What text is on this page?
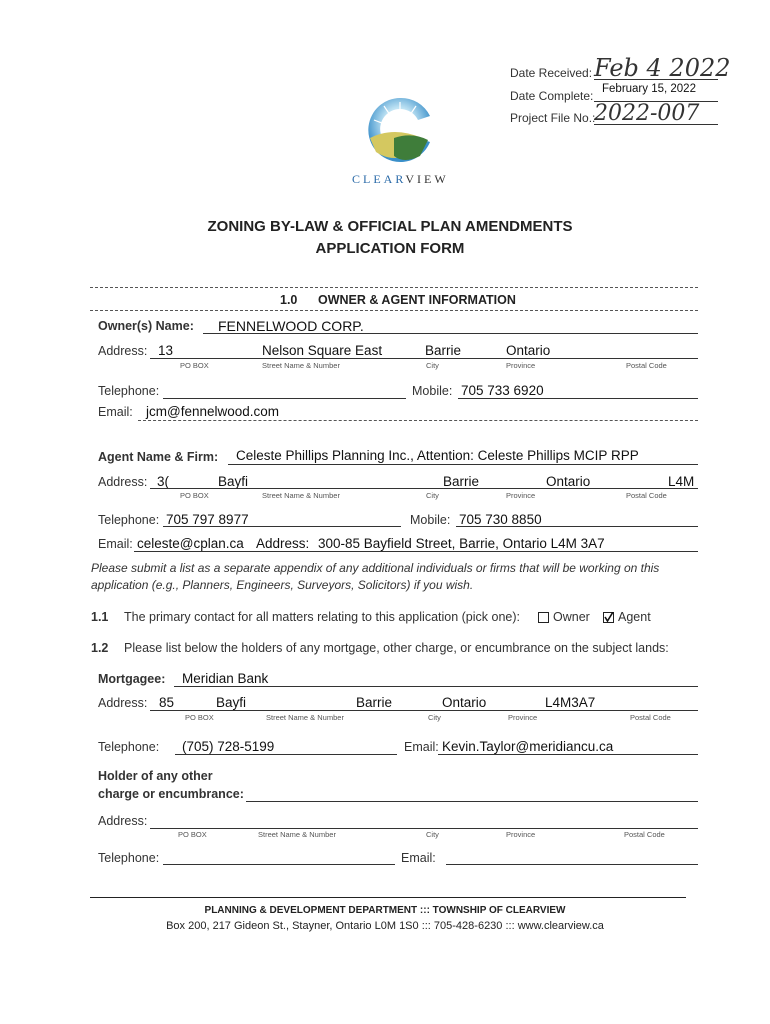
Date Received: Feb 4 2022
Date Complete: February 15, 2022
Project File No.:
2022-007
CLEARVIEW
ZONING BY-LAW & OFFICIAL PLAN AMENDMENTS
APPLICATION FORM
1.0 OWNER & AGENT INFORMATION
Owner(s) Name: FENNELWOOD CORP.
Address: 13	Nelson Square East	Barrie	Ontario
PO BOX	Street Name & Number	City	Province	Postal Code
Telephone:	Mobile: 705 733 6920
Email: jcm@fennelwood.com
Agent Name & Firm: Celeste Phillips Planning Inc., Attention: Celeste Phillips MCIP RPP
Address: 3(	Bayfi	Barrie	Ontario	L4M
PO BOX	Street Name & Number	City	Province	Postal Code
Telephone: 705 797 8977	Mobile: 705 730 8850
Email: celeste@cplan.ca Address: 300-85 Bayfield Street, Barrie, Ontario L4M 3A7
Please submit a list as a separate appendix of any additional individuals or firms that will be working on this
application (e.g., Planners, Engineers, Surveyors, Solicitors) if you wish.
1.1 The primary contact for all matters relating to this application (pick one):	Owner Agent
1.2 Please list below the holders of any mortgage, other charge, or encumbrance on the subject lands:
Mortgagee: Meridian Bank
Address: 85	Bayfi	Barrie	Ontario	L4M3A7
PO BOX	Street Name & Number	City	Province	Postal Code
Telephone: (705) 728-5199	Email: Kevin.Taylor@meridiancu.ca
Holder of any other
charge or encumbrance:
Address:
PO BOX	Street Name & Number	City	Province	Postal Code
Telephone:	Email:
PLANNING & DEVELOPMENT DEPARTMENT ::: TOWNSHIP OF CLEARVIEW
Box 200, 217 Gideon St., Stayner, Ontario L0M 1S0 ::: 705-428-6230 ::: www.clearview.ca
